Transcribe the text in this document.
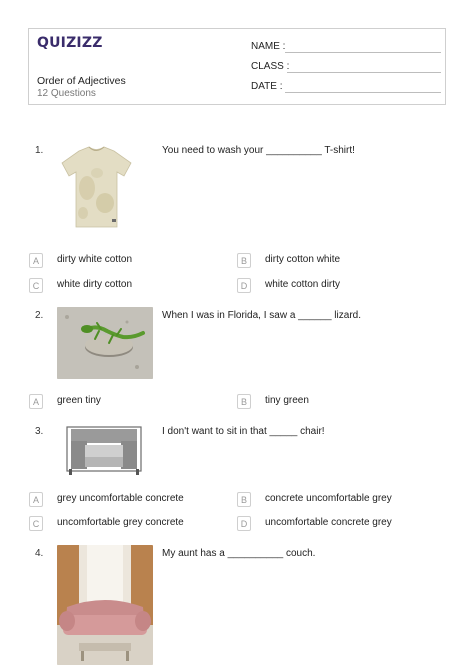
QUIZIZZ
Order of Adjectives
12 Questions
NAME :
CLASS :
DATE :
1.	You need to wash your __________ T-shirt!
A	dirty white cotton	B	dirty cotton white
C	white dirty cotton	D	white cotton dirty
2.	When I was in Florida, I saw a ______ lizard.
A	green tiny	B	tiny green
3.	I don't want to sit in that _____ chair!
A	grey uncomfortable concrete	B	concrete uncomfortable grey
C	uncomfortable grey concrete	D	uncomfortable concrete grey
4.	My aunt has a __________ couch.
